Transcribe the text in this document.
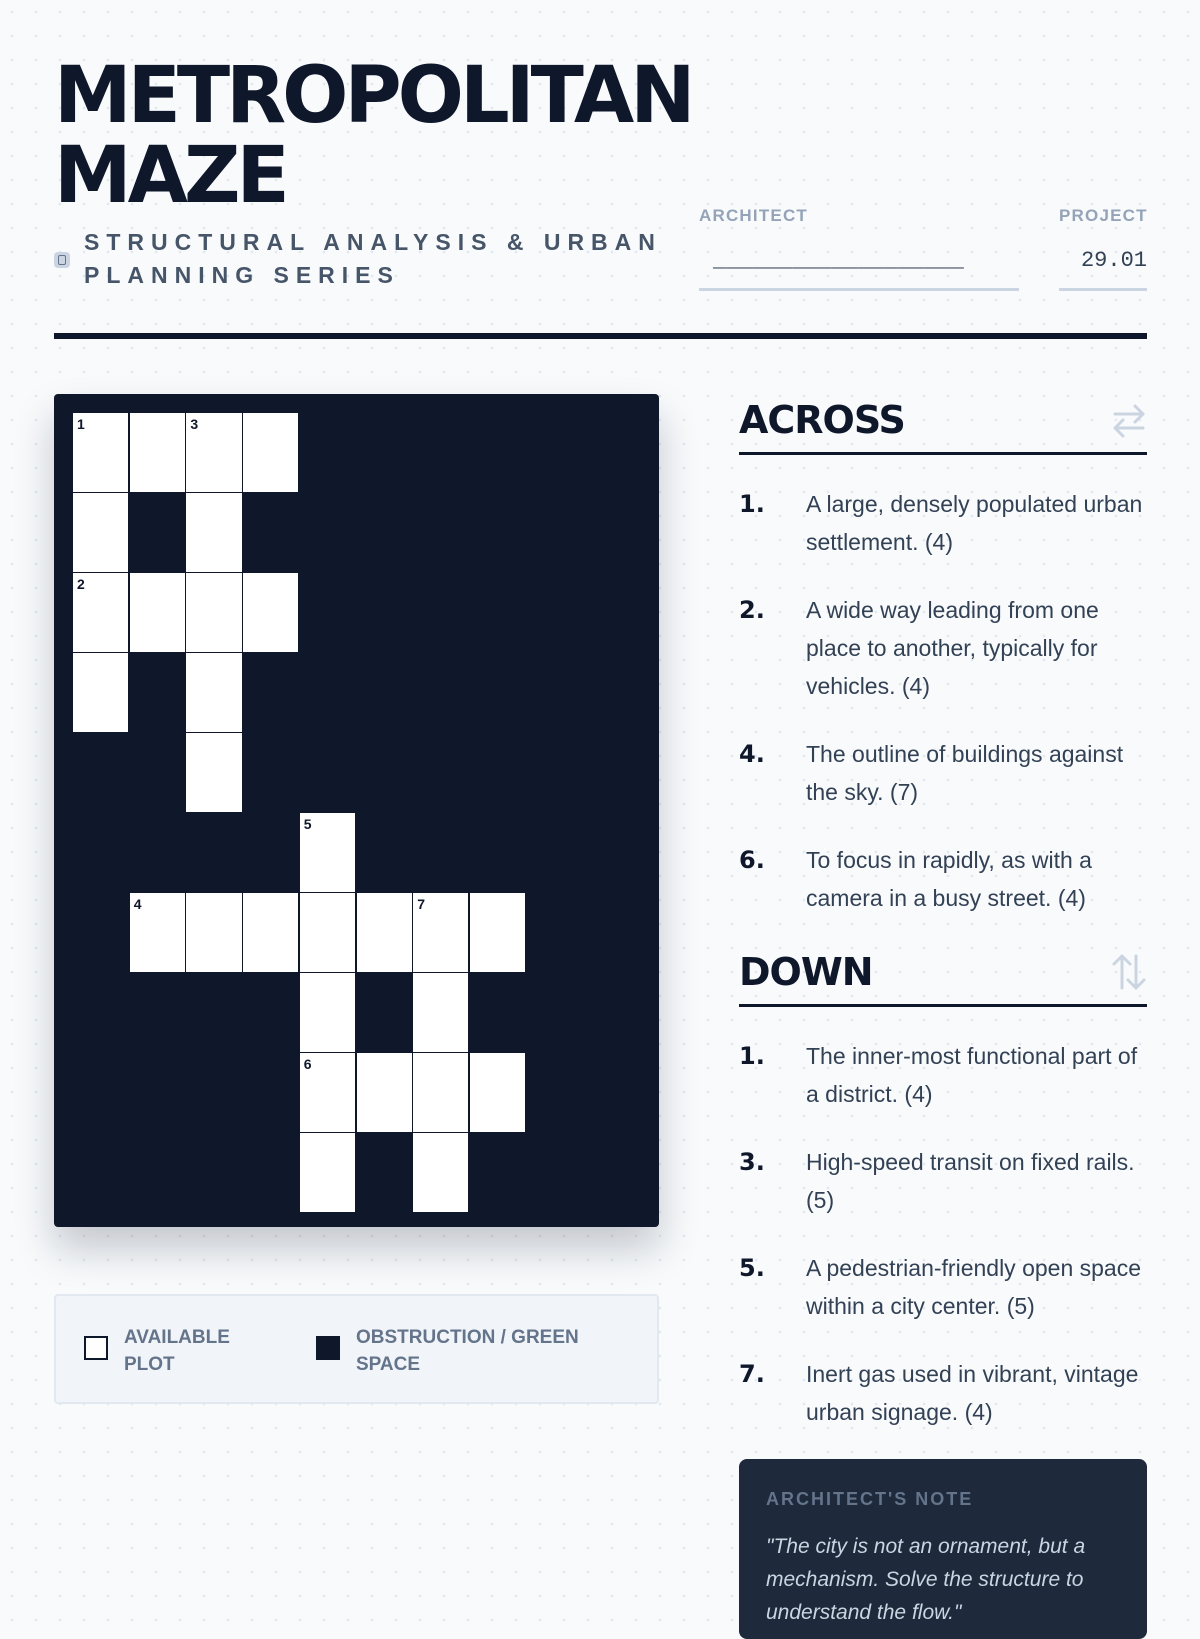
METROPOLITAN
MAZE
STRUCTURAL ANALYSIS & URBAN PLANNING SERIES
ARCHITECT
___________________
PROJECT
29.01
1	3
2
5
4	7
6
AVAILABLE PLOT
OBSTRUCTION / GREEN SPACE
ACROSS
1.	A large, densely populated urban settlement. (4)
2.	A wide way leading from one place to another, typically for vehicles. (4)
4.	The outline of buildings against the sky. (7)
6.	To focus in rapidly, as with a camera in a busy street. (4)
DOWN
1.	The inner-most functional part of a district. (4)
3.	High-speed transit on fixed rails. (5)
5.	A pedestrian-friendly open space within a city center. (5)
7.	Inert gas used in vibrant, vintage urban signage. (4)
ARCHITECT'S NOTE
"The city is not an ornament, but a mechanism. Solve the structure to understand the flow."
